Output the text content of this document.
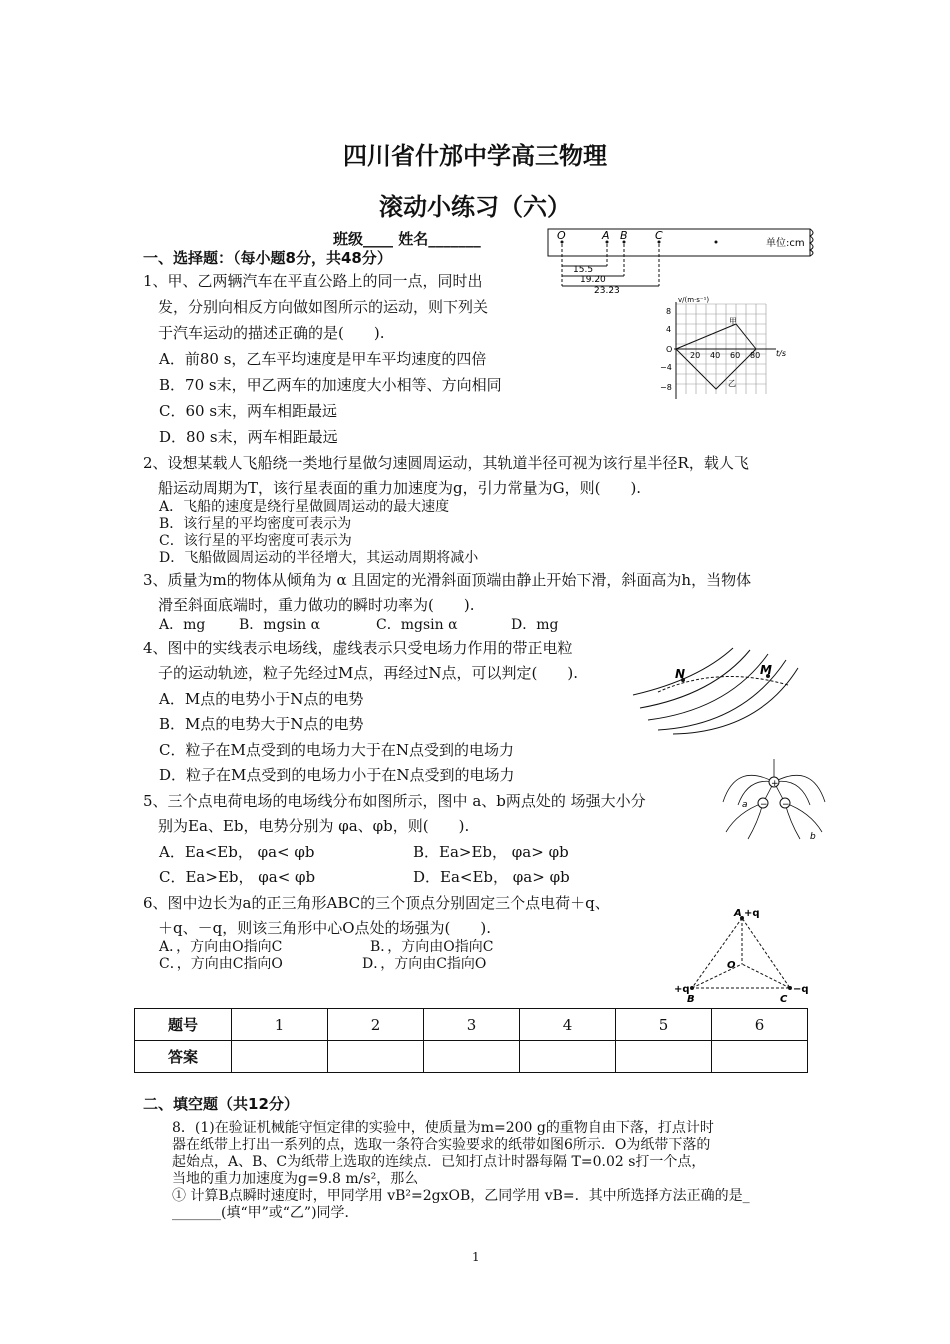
四川省什邡中学高三物理
滚动小练习（六）
班级____ 姓名_______
一、选择题：（每小题8分，共48分）
1、甲、乙两辆汽车在平直公路上的同一点，同时出
发，分别向相反方向做如图所示的运动，则下列关
于汽车运动的描述正确的是(　　).
A．前80 s，乙车平均速度是甲车平均速度的四倍
B．70 s末，甲乙两车的加速度大小相等、方向相同
C．60 s末，两车相距最远
D．80 s末，两车相距最远
2、设想某载人飞船绕一类地行星做匀速圆周运动，其轨道半径可视为该行星半径R，载人飞
船运动周期为T，该行星表面的重力加速度为g，引力常量为G，则(　　).
A．飞船的速度是绕行星做圆周运动的最大速度
B．该行星的平均密度可表示为
C．该行星的平均密度可表示为
D．飞船做圆周运动的半径增大，其运动周期将减小
3、质量为m的物体从倾角为 α 且固定的光滑斜面顶端由静止开始下滑，斜面高为h，当物体
滑至斜面底端时，重力做功的瞬时功率为(　　).
A．mg B．mgsin α	C．mgsin α	D．mg
4、图中的实线表示电场线，虚线表示只受电场力作用的带正电粒
子的运动轨迹，粒子先经过M点，再经过N点，可以判定(　　).
A．M点的电势小于N点的电势
B．M点的电势大于N点的电势
C．粒子在M点受到的电场力大于在N点受到的电场力
D．粒子在M点受到的电场力小于在N点受到的电场力
5、三个点电荷电场的电场线分布如图所示，图中 a、b两点处的 场强大小分
别为Ea、Eb，电势分别为 φa、φb，则(　　).
A．Ea<Eb， φa< φb	B．Ea>Eb， φa> φb
C．Ea>Eb， φa< φb	D．Ea<Eb， φa> φb
6、图中边长为a的正三角形ABC的三个顶点分别固定三个点电荷＋q、
＋q、－q，则该三角形中心O点处的场强为(　　).
A．，方向由O指向C	B．，方向由O指向C
C．，方向由C指向O	D．，方向由C指向O
题号	1	2	3	4	5	6
答案						
二、填空题（共12分）
8．(1)在验证机械能守恒定律的实验中，使质量为m=200 g的重物自由下落，打点计时
器在纸带上打出一系列的点，选取一条符合实验要求的纸带如图6所示．O为纸带下落的
起始点，A、B、C为纸带上选取的连续点．已知打点计时器每隔 T=0.02 s打一个点，
当地的重力加速度为g=9.8 m/s²，那么
① 计算B点瞬时速度时，甲同学用 vB²=2gxOB，乙同学用 vB=．其中所选择方法正确的是_
_______(填“甲”或“乙”)同学．
1
O	A B C
单位:cm
15.5
19.20
23.23
v/(m·s⁻¹)
t/s
8
4
O
−4
−8
20 40 60 80
甲
乙
N	M
+
− −
a
b
A +q
O
+q
B	C
−q
